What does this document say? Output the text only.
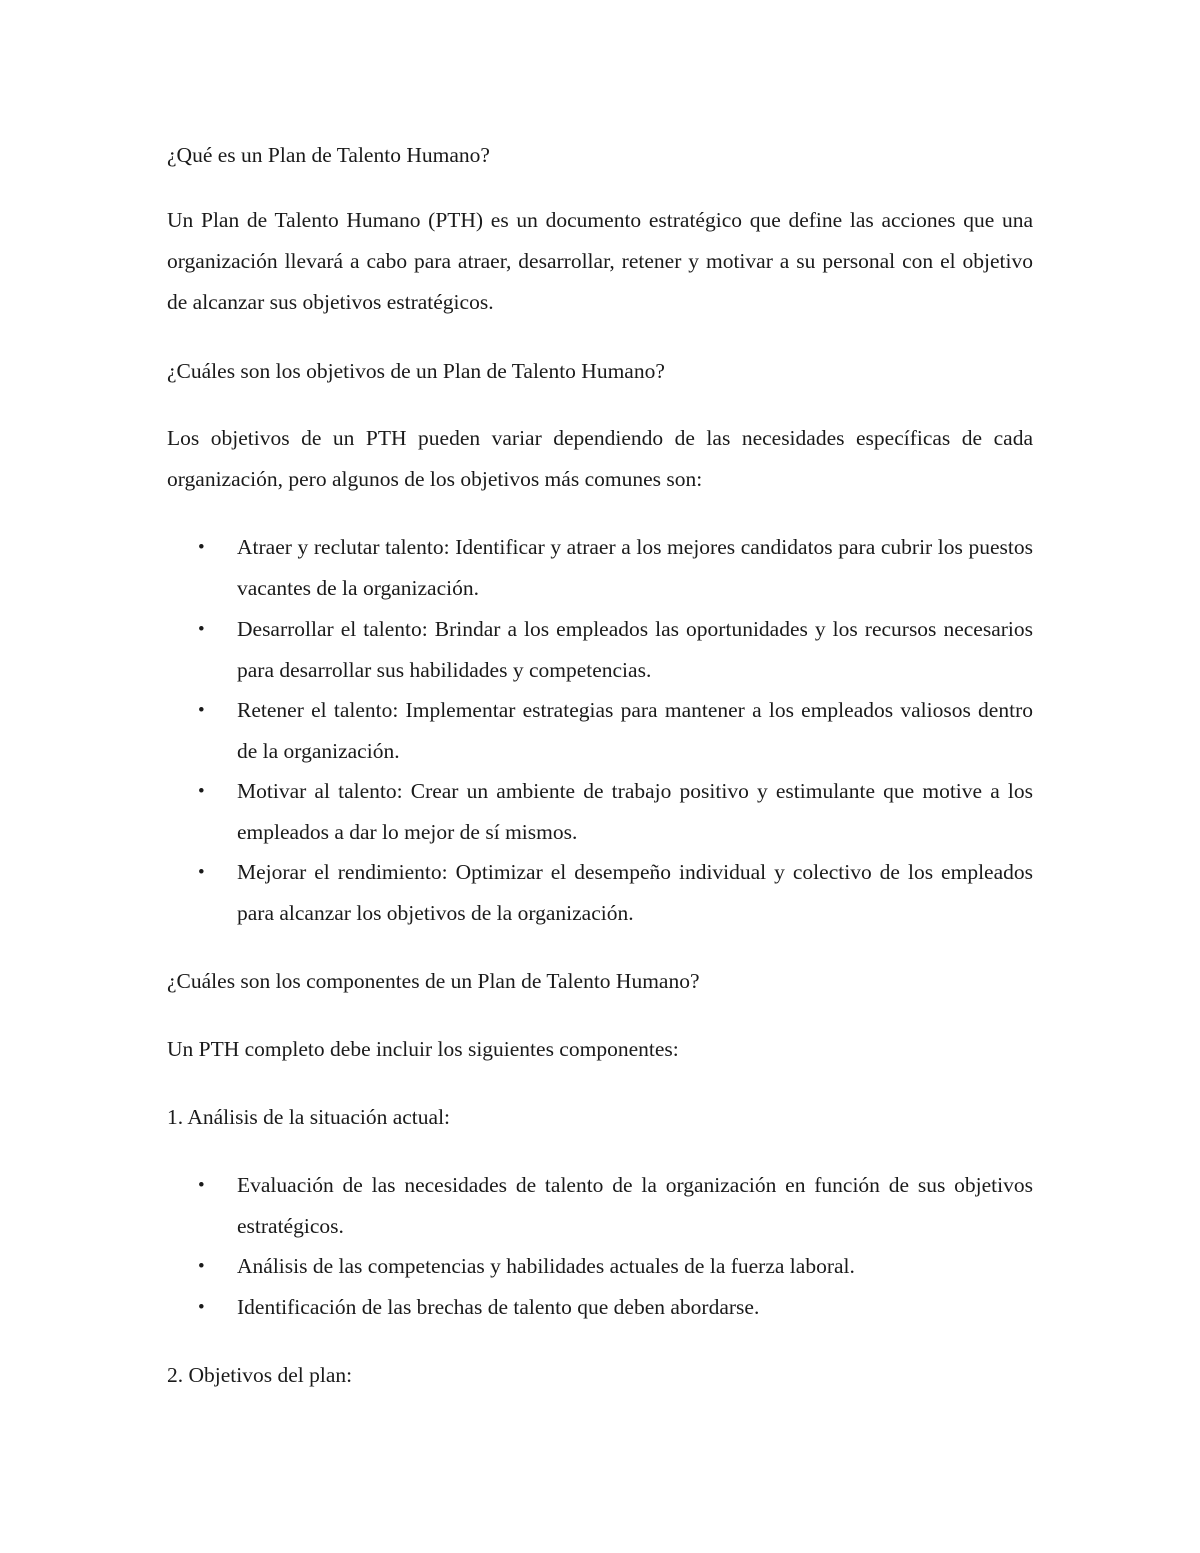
¿Qué es un Plan de Talento Humano?

Un Plan de Talento Humano (PTH) es un documento estratégico que define las acciones que una organización llevará a cabo para atraer, desarrollar, retener y motivar a su personal con el objetivo de alcanzar sus objetivos estratégicos.

¿Cuáles son los objetivos de un Plan de Talento Humano?

Los objetivos de un PTH pueden variar dependiendo de las necesidades específicas de cada organización, pero algunos de los objetivos más comunes son:

• Atraer y reclutar talento: Identificar y atraer a los mejores candidatos para cubrir los puestos vacantes de la organización.

• Desarrollar el talento: Brindar a los empleados las oportunidades y los recursos necesarios para desarrollar sus habilidades y competencias.

• Retener el talento: Implementar estrategias para mantener a los empleados valiosos dentro de la organización.

• Motivar al talento: Crear un ambiente de trabajo positivo y estimulante que motive a los empleados a dar lo mejor de sí mismos.

• Mejorar el rendimiento: Optimizar el desempeño individual y colectivo de los empleados para alcanzar los objetivos de la organización.

¿Cuáles son los componentes de un Plan de Talento Humano?

Un PTH completo debe incluir los siguientes componentes:

1. Análisis de la situación actual:

• Evaluación de las necesidades de talento de la organización en función de sus objetivos estratégicos.

• Análisis de las competencias y habilidades actuales de la fuerza laboral.

• Identificación de las brechas de talento que deben abordarse.

2. Objetivos del plan:
